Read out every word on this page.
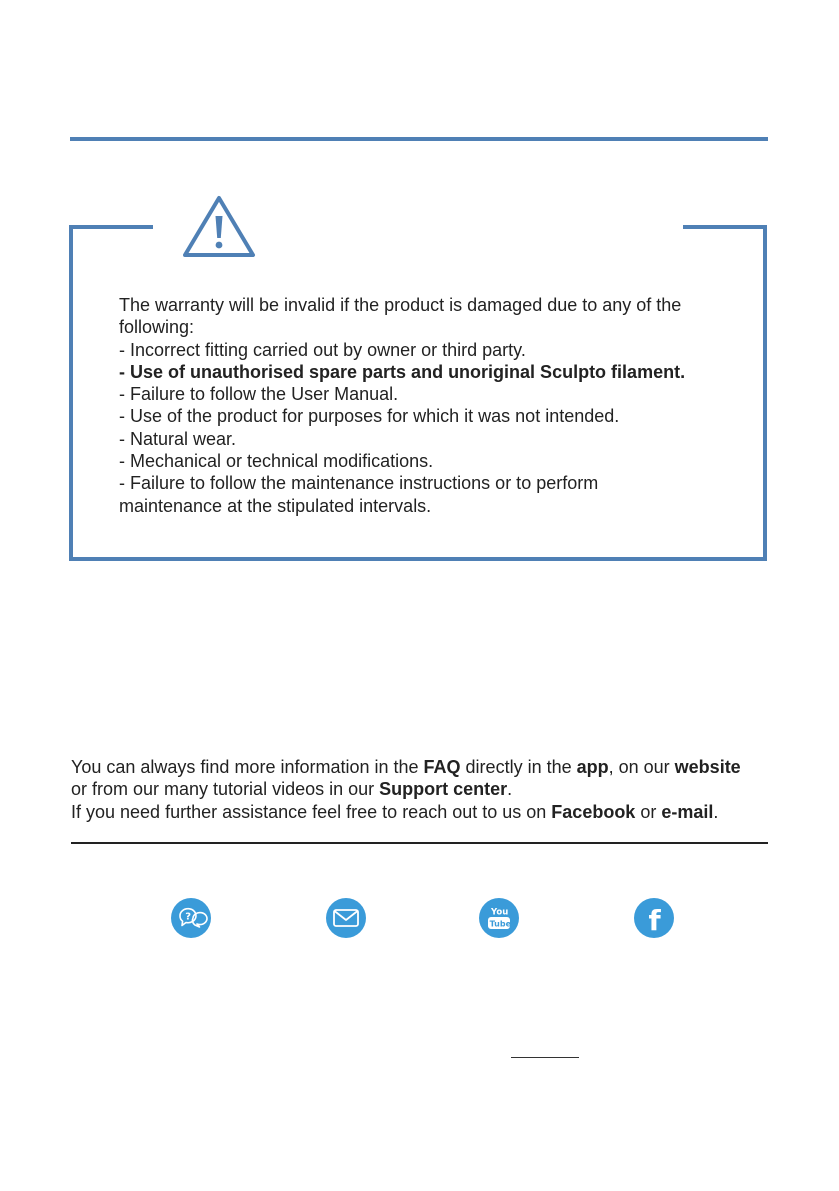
The warranty will be invalid if the product is damaged due to any of the
following:
- Incorrect fitting carried out by owner or third party.
- Use of unauthorised spare parts and unoriginal Sculpto filament.
- Failure to follow the User Manual.
- Use of the product for purposes for which it was not intended.
- Natural wear.
- Mechanical or technical modifications.
- Failure to follow the maintenance instructions or to perform
maintenance at the stipulated intervals.
You can always find more information in the FAQ directly in the app, on our website
or from our many tutorial videos in our Support center.
If you need further assistance feel free to reach out to us on Facebook or e-mail.
?	You
Tube	f
